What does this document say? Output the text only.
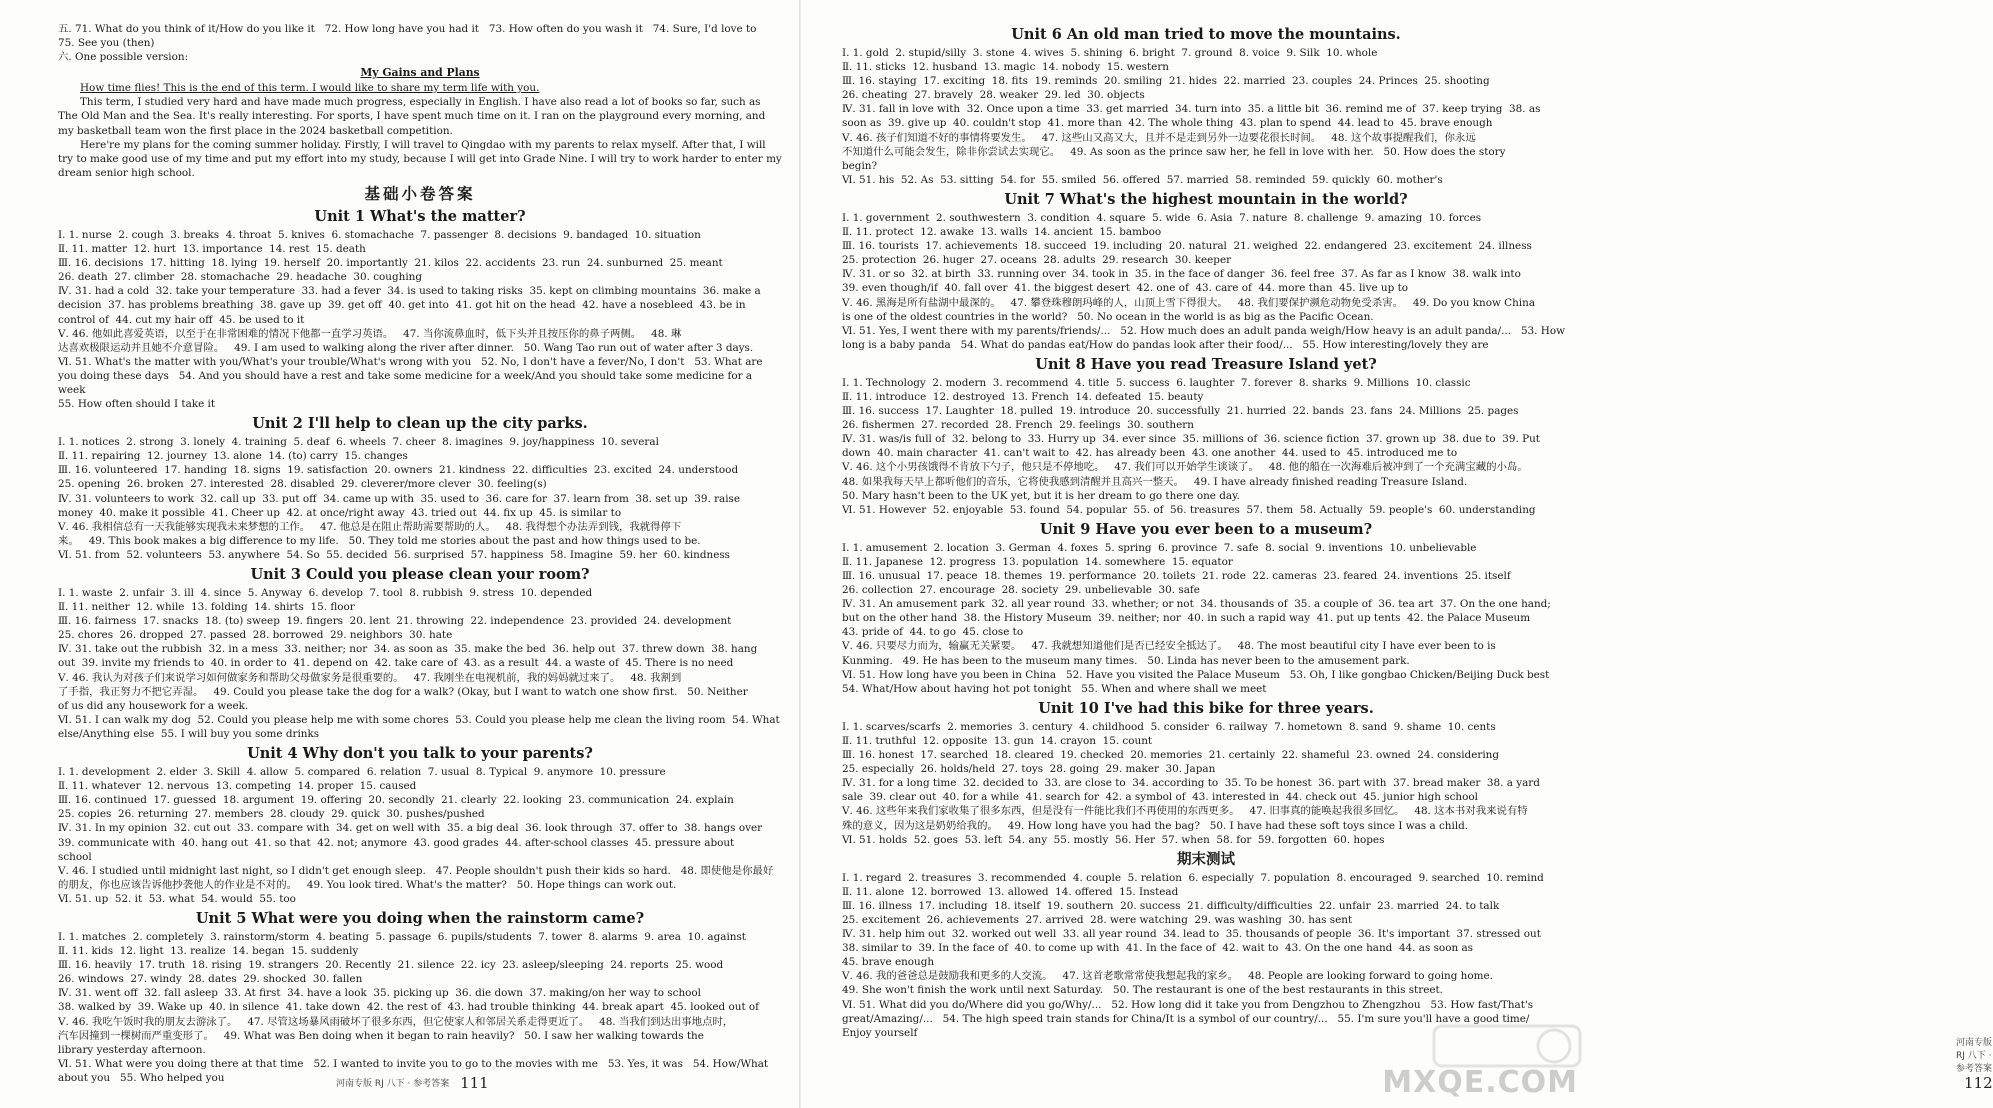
五. 71. What do you think of it/How do you like it   72. How long have you had it   73. How often do you wash it   74. Sure, I'd love to

75. See you (then)

六. One possible version:

My Gains and Plans

How time flies! This is the end of this term. I would like to share my term life with you.

This term, I studied very hard and have made much progress, especially in English. I have also read a lot of books so far, such as The Old Man and the Sea. It's really interesting. For sports, I have spent much time on it. I ran on the playground every morning, and my basketball team won the first place in the 2024 basketball competition.

Here're my plans for the coming summer holiday. Firstly, I will travel to Qingdao with my parents to relax myself. After that, I will try to make good use of my time and put my effort into my study, because I will get into Grade Nine. I will try to work harder to enter my dream senior high school.

基础小卷答案
Unit 1 What's the matter?

Ⅰ. 1. nurse  2. cough  3. breaks  4. throat  5. knives  6. stomachache  7. passenger  8. decisions  9. bandaged  10. situation

Ⅱ. 11. matter  12. hurt  13. importance  14. rest  15. death

Ⅲ. 16. decisions  17. hitting  18. lying  19. herself  20. importantly  21. kilos  22. accidents  23. run  24. sunburned  25. meant

26. death  27. climber  28. stomachache  29. headache  30. coughing

Ⅳ. 31. had a cold  32. take your temperature  33. had a fever  34. is used to taking risks  35. kept on climbing mountains  36. make a

decision  37. has problems breathing  38. gave up  39. get off  40. get into  41. got hit on the head  42. have a nosebleed  43. be in

control of  44. cut my hair off  45. be used to it

Ⅴ. 46. 他如此喜爱英语，以至于在非常困难的情况下他都一直学习英语。   47. 当你流鼻血时，低下头并且按压你的鼻子两侧。   48. 琳

达喜欢极限运动并且她不介意冒险。   49. I am used to walking along the river after dinner.   50. Wang Tao run out of water after 3 days.

Ⅵ. 51. What's the matter with you/What's your trouble/What's wrong with you   52. No, I don't have a fever/No, I don't   53. What are

you doing these days   54. And you should have a rest and take some medicine for a week/And you should take some medicine for a week

55. How often should I take it

Unit 2 I'll help to clean up the city parks.

Ⅰ. 1. notices  2. strong  3. lonely  4. training  5. deaf  6. wheels  7. cheer  8. imagines  9. joy/happiness  10. several

Ⅱ. 11. repairing  12. journey  13. alone  14. (to) carry  15. changes

Ⅲ. 16. volunteered  17. handing  18. signs  19. satisfaction  20. owners  21. kindness  22. difficulties  23. excited  24. understood

25. opening  26. broken  27. interested  28. disabled  29. cleverer/more clever  30. feeling(s)

Ⅳ. 31. volunteers to work  32. call up  33. put off  34. came up with  35. used to  36. care for  37. learn from  38. set up  39. raise

money  40. make it possible  41. Cheer up  42. at once/right away  43. tried out  44. fix up  45. is similar to

Ⅴ. 46. 我相信总有一天我能够实现我未来梦想的工作。   47. 他总是在阻止帮助需要帮助的人。   48. 我得想个办法弄到钱，我就得停下

来。   49. This book makes a big difference to my life.   50. They told me stories about the past and how things used to be.

Ⅵ. 51. from  52. volunteers  53. anywhere  54. So  55. decided  56. surprised  57. happiness  58. Imagine  59. her  60. kindness

Unit 3 Could you please clean your room?

Ⅰ. 1. waste  2. unfair  3. ill  4. since  5. Anyway  6. develop  7. tool  8. rubbish  9. stress  10. depended

Ⅱ. 11. neither  12. while  13. folding  14. shirts  15. floor

Ⅲ. 16. fairness  17. snacks  18. (to) sweep  19. fingers  20. lent  21. throwing  22. independence  23. provided  24. development

25. chores  26. dropped  27. passed  28. borrowed  29. neighbors  30. hate

Ⅳ. 31. take out the rubbish  32. in a mess  33. neither; nor  34. as soon as  35. make the bed  36. help out  37. threw down  38. hang

out  39. invite my friends to  40. in order to  41. depend on  42. take care of  43. as a result  44. a waste of  45. There is no need

Ⅴ. 46. 我认为对孩子们来说学习如何做家务和帮助父母做家务是很重要的。   47. 我刚坐在电视机前，我的妈妈就过来了。   48. 我割到

了手指，我正努力不把它弄湿。   49. Could you please take the dog for a walk? (Okay, but I want to watch one show first.   50. Neither

of us did any housework for a week.

Ⅵ. 51. I can walk my dog  52. Could you please help me with some chores  53. Could you please help me clean the living room  54. What

else/Anything else  55. I will buy you some drinks

Unit 4 Why don't you talk to your parents?

Ⅰ. 1. development  2. elder  3. Skill  4. allow  5. compared  6. relation  7. usual  8. Typical  9. anymore  10. pressure

Ⅱ. 11. whatever  12. nervous  13. competing  14. proper  15. caused

Ⅲ. 16. continued  17. guessed  18. argument  19. offering  20. secondly  21. clearly  22. looking  23. communication  24. explain

25. copies  26. returning  27. members  28. cloudy  29. quick  30. pushes/pushed

Ⅳ. 31. In my opinion  32. cut out  33. compare with  34. get on well with  35. a big deal  36. look through  37. offer to  38. hangs over

39. communicate with  40. hang out  41. so that  42. not; anymore  43. good grades  44. after-school classes  45. pressure about

school

Ⅴ. 46. I studied until midnight last night, so I didn't get enough sleep.   47. People shouldn't push their kids so hard.   48. 即使他是你最好

的朋友，你也应该告诉他抄袭他人的作业是不对的。   49. You look tired. What's the matter?   50. Hope things can work out.

Ⅵ. 51. up  52. it  53. what  54. would  55. too

Unit 5 What were you doing when the rainstorm came?

Ⅰ. 1. matches  2. completely  3. rainstorm/storm  4. beating  5. passage  6. pupils/students  7. tower  8. alarms  9. area  10. against

Ⅱ. 11. kids  12. light  13. realize  14. began  15. suddenly

Ⅲ. 16. heavily  17. truth  18. rising  19. strangers  20. Recently  21. silence  22. icy  23. asleep/sleeping  24. reports  25. wood

26. windows  27. windy  28. dates  29. shocked  30. fallen

Ⅳ. 31. went off  32. fall asleep  33. At first  34. have a look  35. picking up  36. die down  37. making/on her way to school

38. walked by  39. Wake up  40. in silence  41. take down  42. the rest of  43. had trouble thinking  44. break apart  45. looked out of

Ⅴ. 46. 我吃午饭时我的朋友去游泳了。   47. 尽管这场暴风雨破坏了很多东西，但它使家人和邻居关系走得更近了。   48. 当我们到达出事地点时，

汽车因撞到一棵树而严重变形了。   49. What was Ben doing when it began to rain heavily?   50. I saw her walking towards the

library yesterday afternoon.

Ⅵ. 51. What were you doing there at that time   52. I wanted to invite you to go to the movies with me   53. Yes, it was   54. How/What

about you   55. Who helped you

河南专版 RJ 八下 · 参考答案 111
Unit 6 An old man tried to move the mountains.

Ⅰ. 1. gold  2. stupid/silly  3. stone  4. wives  5. shining  6. bright  7. ground  8. voice  9. Silk  10. whole

Ⅱ. 11. sticks  12. husband  13. magic  14. nobody  15. western

Ⅲ. 16. staying  17. exciting  18. fits  19. reminds  20. smiling  21. hides  22. married  23. couples  24. Princes  25. shooting

26. cheating  27. bravely  28. weaker  29. led  30. objects

Ⅳ. 31. fall in love with  32. Once upon a time  33. get married  34. turn into  35. a little bit  36. remind me of  37. keep trying  38. as

soon as  39. give up  40. couldn't stop  41. more than  42. The whole thing  43. plan to spend  44. lead to  45. brave enough

Ⅴ. 46. 孩子们知道不好的事情将要发生。   47. 这些山又高又大，且并不是走到另外一边要花很长时间。   48. 这个故事提醒我们，你永远

不知道什么可能会发生，除非你尝试去实现它。   49. As soon as the prince saw her, he fell in love with her.   50. How does the story

begin?

Ⅵ. 51. his  52. As  53. sitting  54. for  55. smiled  56. offered  57. married  58. reminded  59. quickly  60. mother's

Unit 7 What's the highest mountain in the world?

Ⅰ. 1. government  2. southwestern  3. condition  4. square  5. wide  6. Asia  7. nature  8. challenge  9. amazing  10. forces

Ⅱ. 11. protect  12. awake  13. walls  14. ancient  15. bamboo

Ⅲ. 16. tourists  17. achievements  18. succeed  19. including  20. natural  21. weighed  22. endangered  23. excitement  24. illness

25. protection  26. huger  27. oceans  28. adults  29. research  30. keeper

Ⅳ. 31. or so  32. at birth  33. running over  34. took in  35. in the face of danger  36. feel free  37. As far as I know  38. walk into

39. even though/if  40. fall over  41. the biggest desert  42. one of  43. care of  44. more than  45. live up to

Ⅴ. 46. 黑海是所有盐湖中最深的。   47. 攀登珠穆朗玛峰的人，山顶上雪下得很大。   48. 我们要保护濒危动物免受杀害。   49. Do you know China

is one of the oldest countries in the world?   50. No ocean in the world is as big as the Pacific Ocean.

Ⅵ. 51. Yes, I went there with my parents/friends/...   52. How much does an adult panda weigh/How heavy is an adult panda/...   53. How

long is a baby panda   54. What do pandas eat/How do pandas look after their food/...   55. How interesting/lovely they are

Unit 8 Have you read Treasure Island yet?

Ⅰ. 1. Technology  2. modern  3. recommend  4. title  5. success  6. laughter  7. forever  8. sharks  9. Millions  10. classic

Ⅱ. 11. introduce  12. destroyed  13. French  14. defeated  15. beauty

Ⅲ. 16. success  17. Laughter  18. pulled  19. introduce  20. successfully  21. hurried  22. bands  23. fans  24. Millions  25. pages

26. fishermen  27. recorded  28. French  29. feelings  30. southern

Ⅳ. 31. was/is full of  32. belong to  33. Hurry up  34. ever since  35. millions of  36. science fiction  37. grown up  38. due to  39. Put

down  40. main character  41. can't wait to  42. has already been  43. one another  44. used to  45. introduced me to

Ⅴ. 46. 这个小男孩饿得不肯放下勺子，他只是不停地吃。   47. 我们可以开始学生谈谈了。   48. 他的船在一次海难后被冲到了一个充满宝藏的小岛。

48. 如果我每天早上都听他们的音乐，它将使我感到清醒并且高兴一整天。   49. I have already finished reading Treasure Island.

50. Mary hasn't been to the UK yet, but it is her dream to go there one day.

Ⅵ. 51. However  52. enjoyable  53. found  54. popular  55. of  56. treasures  57. them  58. Actually  59. people's  60. understanding

Unit 9 Have you ever been to a museum?

Ⅰ. 1. amusement  2. location  3. German  4. foxes  5. spring  6. province  7. safe  8. social  9. inventions  10. unbelievable

Ⅱ. 11. Japanese  12. progress  13. population  14. somewhere  15. equator

Ⅲ. 16. unusual  17. peace  18. themes  19. performance  20. toilets  21. rode  22. cameras  23. feared  24. inventions  25. itself

26. collection  27. encourage  28. society  29. unbelievable  30. safe

Ⅳ. 31. An amusement park  32. all year round  33. whether; or not  34. thousands of  35. a couple of  36. tea art  37. On the one hand;

but on the other hand  38. the History Museum  39. neither; nor  40. in such a rapid way  41. put up tents  42. the Palace Museum

43. pride of  44. to go  45. close to

Ⅴ. 46. 只要尽力而为，输赢无关紧要。   47. 我就想知道他们是否已经安全抵达了。   48. The most beautiful city I have ever been to is

Kunming.   49. He has been to the museum many times.   50. Linda has never been to the amusement park.

Ⅵ. 51. How long have you been in China   52. Have you visited the Palace Museum   53. Oh, I like gongbao Chicken/Beijing Duck best

54. What/How about having hot pot tonight   55. When and where shall we meet

Unit 10 I've had this bike for three years.

Ⅰ. 1. scarves/scarfs  2. memories  3. century  4. childhood  5. consider  6. railway  7. hometown  8. sand  9. shame  10. cents

Ⅱ. 11. truthful  12. opposite  13. gun  14. crayon  15. count

Ⅲ. 16. honest  17. searched  18. cleared  19. checked  20. memories  21. certainly  22. shameful  23. owned  24. considering

25. especially  26. holds/held  27. toys  28. going  29. maker  30. Japan

Ⅳ. 31. for a long time  32. decided to  33. are close to  34. according to  35. To be honest  36. part with  37. bread maker  38. a yard

sale  39. clear out  40. for a while  41. search for  42. a symbol of  43. interested in  44. check out  45. junior high school

Ⅴ. 46. 这些年来我们家收集了很多东西，但是没有一件能比我们不再使用的东西更多。   47. 旧事真的能唤起我很多回忆。   48. 这本书对我来说有特

殊的意义，因为这是奶奶给我的。   49. How long have you had the bag?   50. I have had these soft toys since I was a child.

Ⅵ. 51. holds  52. goes  53. left  54. any  55. mostly  56. Her  57. when  58. for  59. forgotten  60. hopes

期末测试

Ⅰ. 1. regard  2. treasures  3. recommended  4. couple  5. relation  6. especially  7. population  8. encouraged  9. searched  10. remind

Ⅱ. 11. alone  12. borrowed  13. allowed  14. offered  15. Instead

Ⅲ. 16. illness  17. including  18. itself  19. southern  20. success  21. difficulty/difficulties  22. unfair  23. married  24. to talk

25. excitement  26. achievements  27. arrived  28. were watching  29. was washing  30. has sent

Ⅳ. 31. help him out  32. worked out well  33. all year round  34. lead to  35. thousands of people  36. It's important  37. stressed out

38. similar to  39. In the face of  40. to come up with  41. In the face of  42. wait to  43. On the one hand  44. as soon as

45. brave enough

Ⅴ. 46. 我的爸爸总是鼓励我和更多的人交流。   47. 这首老歌常常使我想起我的家乡。   48. People are looking forward to going home.

49. She won't finish the work until next Saturday.   50. The restaurant is one of the best restaurants in this street.

Ⅵ. 51. What did you do/Where did you go/Why/...   52. How long did it take you from Dengzhou to Zhengzhou   53. How fast/That's

great/Amazing/...   54. The high speed train stands for China/It is a symbol of our country/...   55. I'm sure you'll have a good time/

Enjoy yourself

河南专版 RJ 八下 · 参考答案 112
MXQE.COM
